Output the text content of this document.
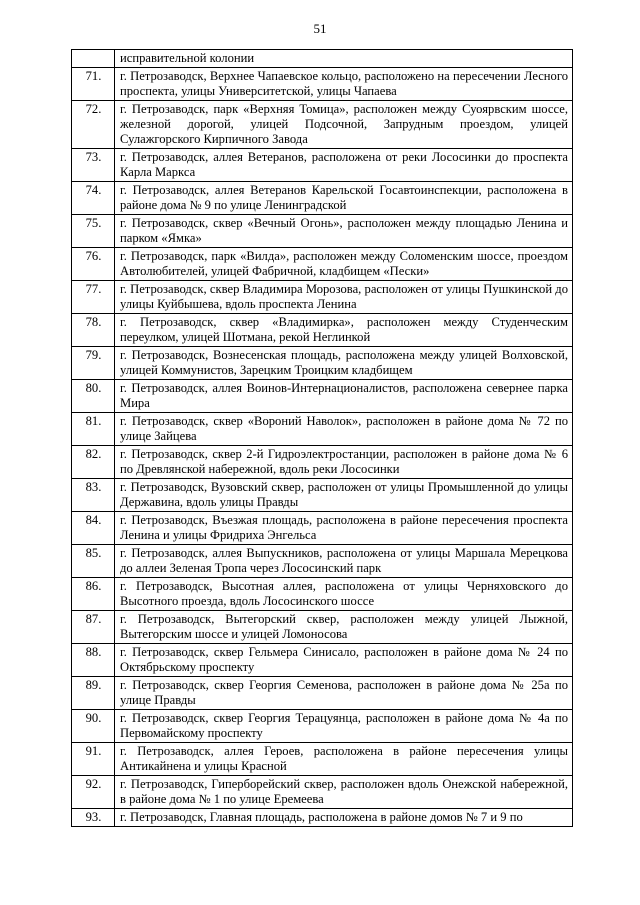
51
	исправительной колонии
71.	г. Петрозаводск, Верхнее Чапаевское кольцо, расположено на пересечении Лесного проспекта, улицы Университетской, улицы Чапаева
72.	г. Петрозаводск, парк «Верхняя Томица», расположен между Суоярвским шоссе, железной дорогой, улицей Подсочной, Запрудным проездом, улицей Сулажгорского Кирпичного Завода
73.	г. Петрозаводск, аллея Ветеранов, расположена от реки Лососинки до проспекта Карла Маркса
74.	г. Петрозаводск, аллея Ветеранов Карельской Госавтоинспекции, расположена в районе дома № 9 по улице Ленинградской
75.	г. Петрозаводск, сквер «Вечный Огонь», расположен между площадью Ленина и парком «Ямка»
76.	г. Петрозаводск, парк «Вилда», расположен между Соломенским шоссе, проездом Автолюбителей, улицей Фабричной, кладбищем «Пески»
77.	г. Петрозаводск, сквер Владимира Морозова, расположен от улицы Пушкинской до улицы Куйбышева, вдоль проспекта Ленина
78.	г. Петрозаводск, сквер «Владимирка», расположен между Студенческим переулком, улицей Шотмана, рекой Неглинкой
79.	г. Петрозаводск, Вознесенская площадь, расположена между улицей Волховской, улицей Коммунистов, Зарецким Троицким кладбищем
80.	г. Петрозаводск, аллея Воинов-Интернационалистов, расположена севернее парка Мира
81.	г. Петрозаводск, сквер «Вороний Наволок», расположен в районе дома № 72 по улице Зайцева
82.	г. Петрозаводск, сквер 2-й Гидроэлектростанции, расположен в районе дома № 6 по Древлянской набережной, вдоль реки Лососинки
83.	г. Петрозаводск, Вузовский сквер, расположен от улицы Промышленной до улицы Державина, вдоль улицы Правды
84.	г. Петрозаводск, Въезжая площадь, расположена в районе пересечения проспекта Ленина и улицы Фридриха Энгельса
85.	г. Петрозаводск, аллея Выпускников, расположена от улицы Маршала Мерецкова до аллеи Зеленая Тропа через Лососинский парк
86.	г. Петрозаводск, Высотная аллея, расположена от улицы Черняховского до Высотного проезда, вдоль Лососинского шоссе
87.	г. Петрозаводск, Вытегорский сквер, расположен между улицей Лыжной, Вытегорским шоссе и улицей Ломоносова
88.	г. Петрозаводск, сквер Гельмера Синисало, расположен в районе дома № 24 по Октябрьскому проспекту
89.	г. Петрозаводск, сквер Георгия Семенова, расположен в районе дома № 25а по улице Правды
90.	г. Петрозаводск, сквер Георгия Терацуянца, расположен в районе дома № 4а по Первомайскому проспекту
91.	г. Петрозаводск, аллея Героев, расположена в районе пересечения улицы Антикайнена и улицы Красной
92.	г. Петрозаводск, Гиперборейский сквер, расположен вдоль Онежской набережной, в районе дома № 1 по улице Еремеева
93.	г. Петрозаводск, Главная площадь, расположена в районе домов № 7 и 9 по
